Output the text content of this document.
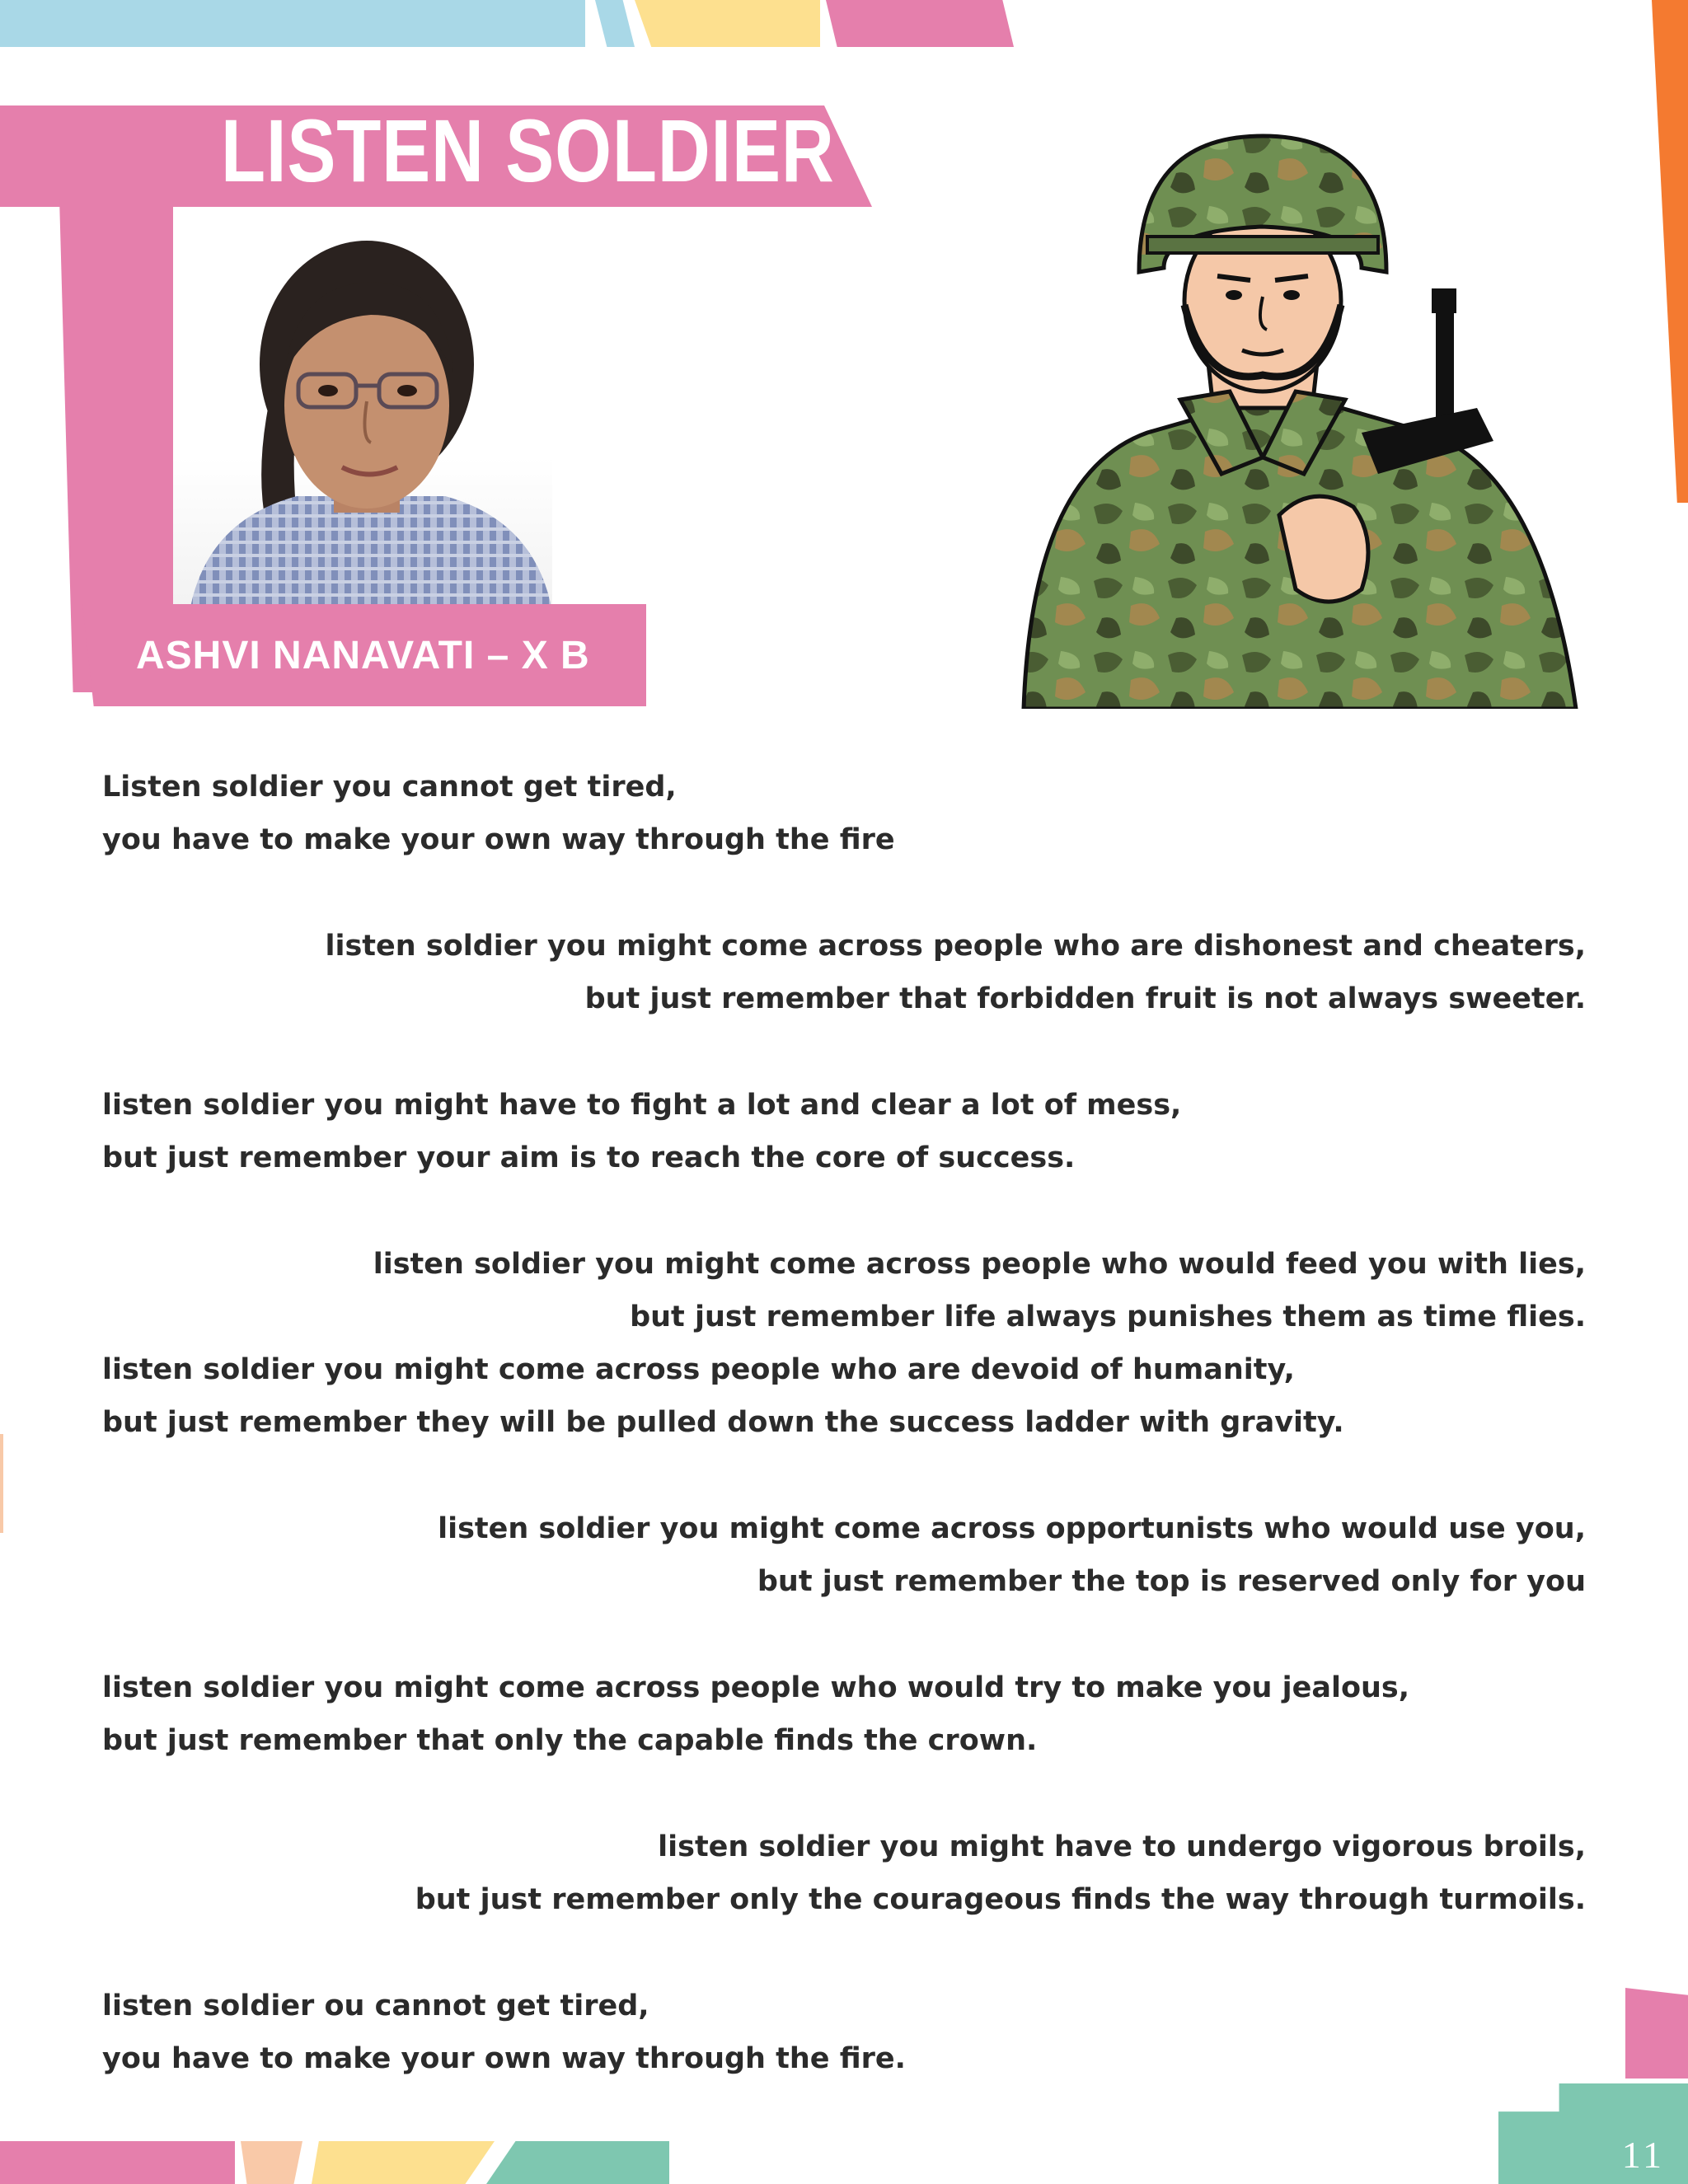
LISTEN SOLDIER

ASHVI NANAVATI – X B

Listen soldier you cannot get tired,

you have to make your own way through the fire

listen soldier you might come across people who are dishonest and cheaters,

but just remember that forbidden fruit is not always sweeter.

listen soldier you might have to fight a lot and clear a lot of mess,

but just remember your aim is to reach the core of success.

listen soldier you might come across people who would feed you with lies,

but just remember life always punishes them as time flies.

listen soldier you might come across people who are devoid of humanity,

but just remember they will be pulled down the success ladder with gravity.

listen soldier you might come across opportunists who would use you,

but just remember the top is reserved only for you

listen soldier you might come across people who would try to make you jealous,

but just remember that only the capable finds the crown.

listen soldier you might have to undergo vigorous broils,

but just remember only the courageous finds the way through turmoils.

listen soldier ou cannot get tired,

you have to make your own way through the fire.

11
